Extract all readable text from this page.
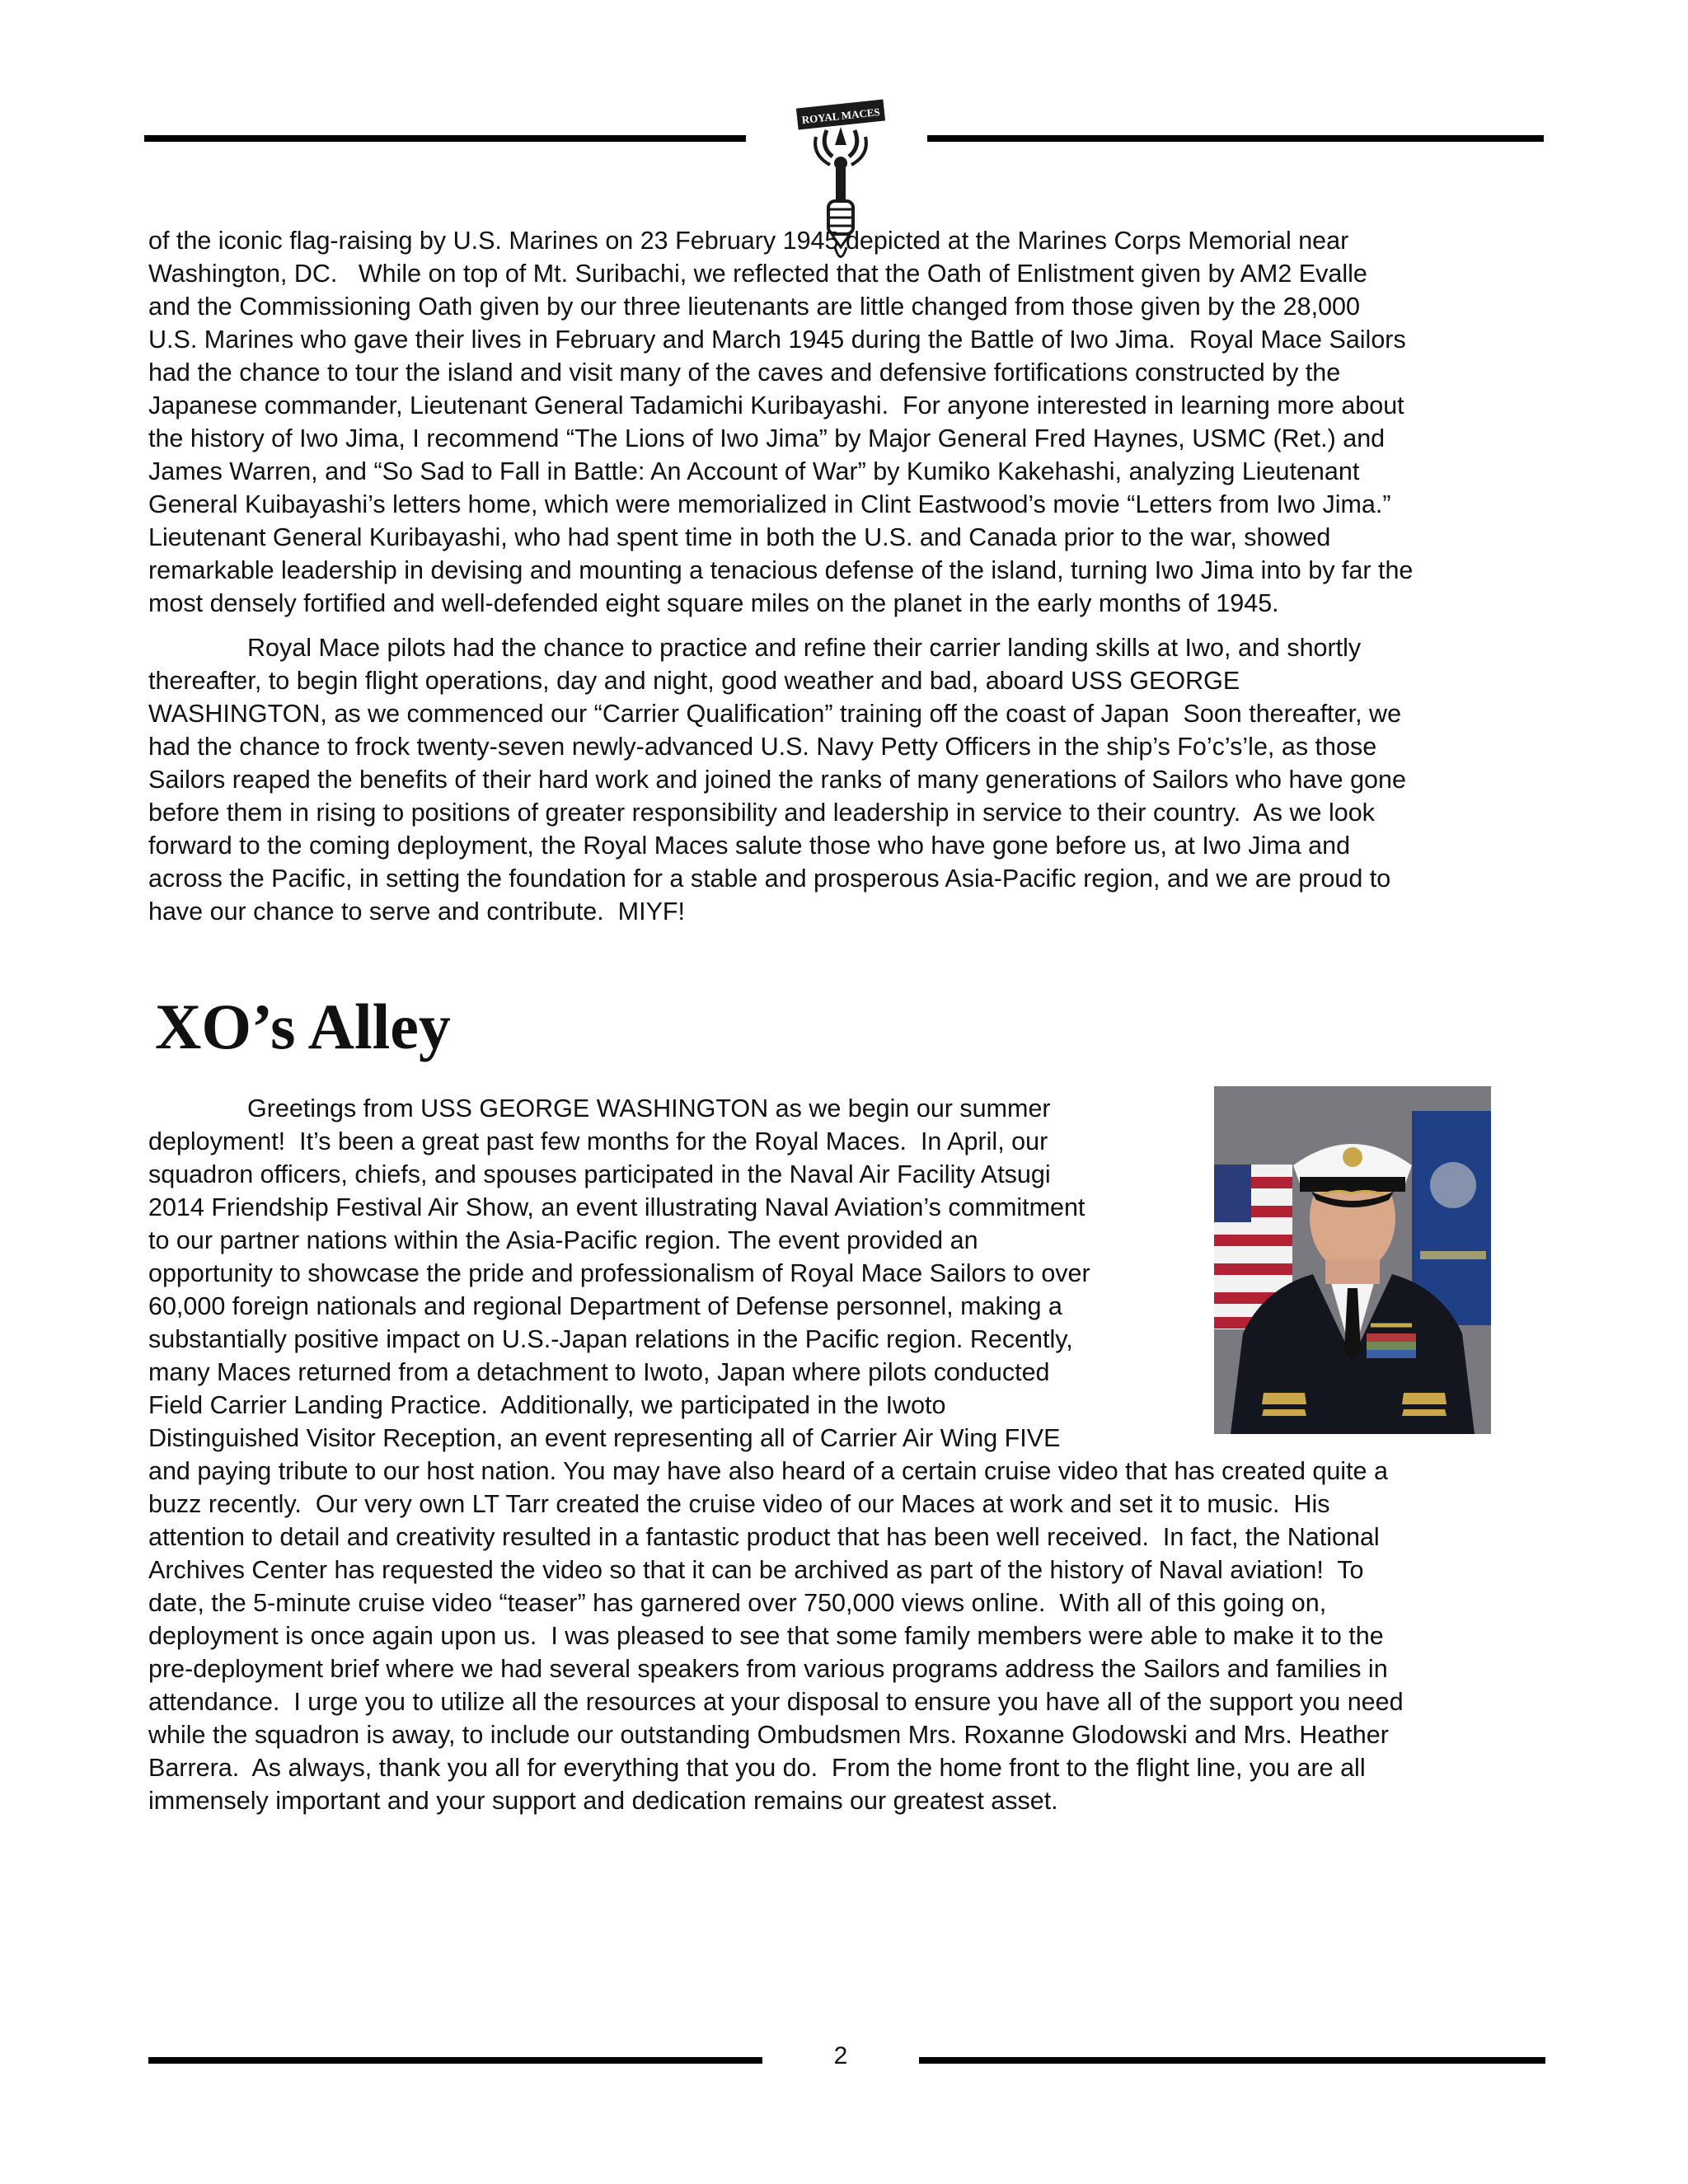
ROYAL MACES

of the iconic flag-raising by U.S. Marines on 23 February 1945 depicted at the Marines Corps Memorial near
Washington, DC.   While on top of Mt. Suribachi, we reflected that the Oath of Enlistment given by AM2 Evalle
and the Commissioning Oath given by our three lieutenants are little changed from those given by the 28,000
U.S. Marines who gave their lives in February and March 1945 during the Battle of Iwo Jima.  Royal Mace Sailors
had the chance to tour the island and visit many of the caves and defensive fortifications constructed by the
Japanese commander, Lieutenant General Tadamichi Kuribayashi.  For anyone interested in learning more about
the history of Iwo Jima, I recommend “The Lions of Iwo Jima” by Major General Fred Haynes, USMC (Ret.) and
James Warren, and “So Sad to Fall in Battle: An Account of War” by Kumiko Kakehashi, analyzing Lieutenant
General Kuibayashi’s letters home, which were memorialized in Clint Eastwood’s movie “Letters from Iwo Jima.”
Lieutenant General Kuribayashi, who had spent time in both the U.S. and Canada prior to the war, showed
remarkable leadership in devising and mounting a tenacious defense of the island, turning Iwo Jima into by far the
most densely fortified and well-defended eight square miles on the planet in the early months of 1945.

Royal Mace pilots had the chance to practice and refine their carrier landing skills at Iwo, and shortly
thereafter, to begin flight operations, day and night, good weather and bad, aboard USS GEORGE
WASHINGTON, as we commenced our “Carrier Qualification” training off the coast of Japan  Soon thereafter, we
had the chance to frock twenty-seven newly-advanced U.S. Navy Petty Officers in the ship’s Fo’c’s’le, as those
Sailors reaped the benefits of their hard work and joined the ranks of many generations of Sailors who have gone
before them in rising to positions of greater responsibility and leadership in service to their country.  As we look
forward to the coming deployment, the Royal Maces salute those who have gone before us, at Iwo Jima and
across the Pacific, in setting the foundation for a stable and prosperous Asia-Pacific region, and we are proud to
have our chance to serve and contribute.  MIYF!

XO’s Alley

Greetings from USS GEORGE WASHINGTON as we begin our summer
deployment!  It’s been a great past few months for the Royal Maces.  In April, our
squadron officers, chiefs, and spouses participated in the Naval Air Facility Atsugi
2014 Friendship Festival Air Show, an event illustrating Naval Aviation’s commitment
to our partner nations within the Asia-Pacific region. The event provided an
opportunity to showcase the pride and professionalism of Royal Mace Sailors to over
60,000 foreign nationals and regional Department of Defense personnel, making a
substantially positive impact on U.S.-Japan relations in the Pacific region. Recently,
many Maces returned from a detachment to Iwoto, Japan where pilots conducted
Field Carrier Landing Practice.  Additionally, we participated in the Iwoto
Distinguished Visitor Reception, an event representing all of Carrier Air Wing FIVE
and paying tribute to our host nation. You may have also heard of a certain cruise video that has created quite a
buzz recently.  Our very own LT Tarr created the cruise video of our Maces at work and set it to music.  His
attention to detail and creativity resulted in a fantastic product that has been well received.  In fact, the National
Archives Center has requested the video so that it can be archived as part of the history of Naval aviation!  To
date, the 5-minute cruise video “teaser” has garnered over 750,000 views online.  With all of this going on,
deployment is once again upon us.  I was pleased to see that some family members were able to make it to the
pre-deployment brief where we had several speakers from various programs address the Sailors and families in
attendance.  I urge you to utilize all the resources at your disposal to ensure you have all of the support you need
while the squadron is away, to include our outstanding Ombudsmen Mrs. Roxanne Glodowski and Mrs. Heather
Barrera.  As always, thank you all for everything that you do.  From the home front to the flight line, you are all
immensely important and your support and dedication remains our greatest asset.

2
